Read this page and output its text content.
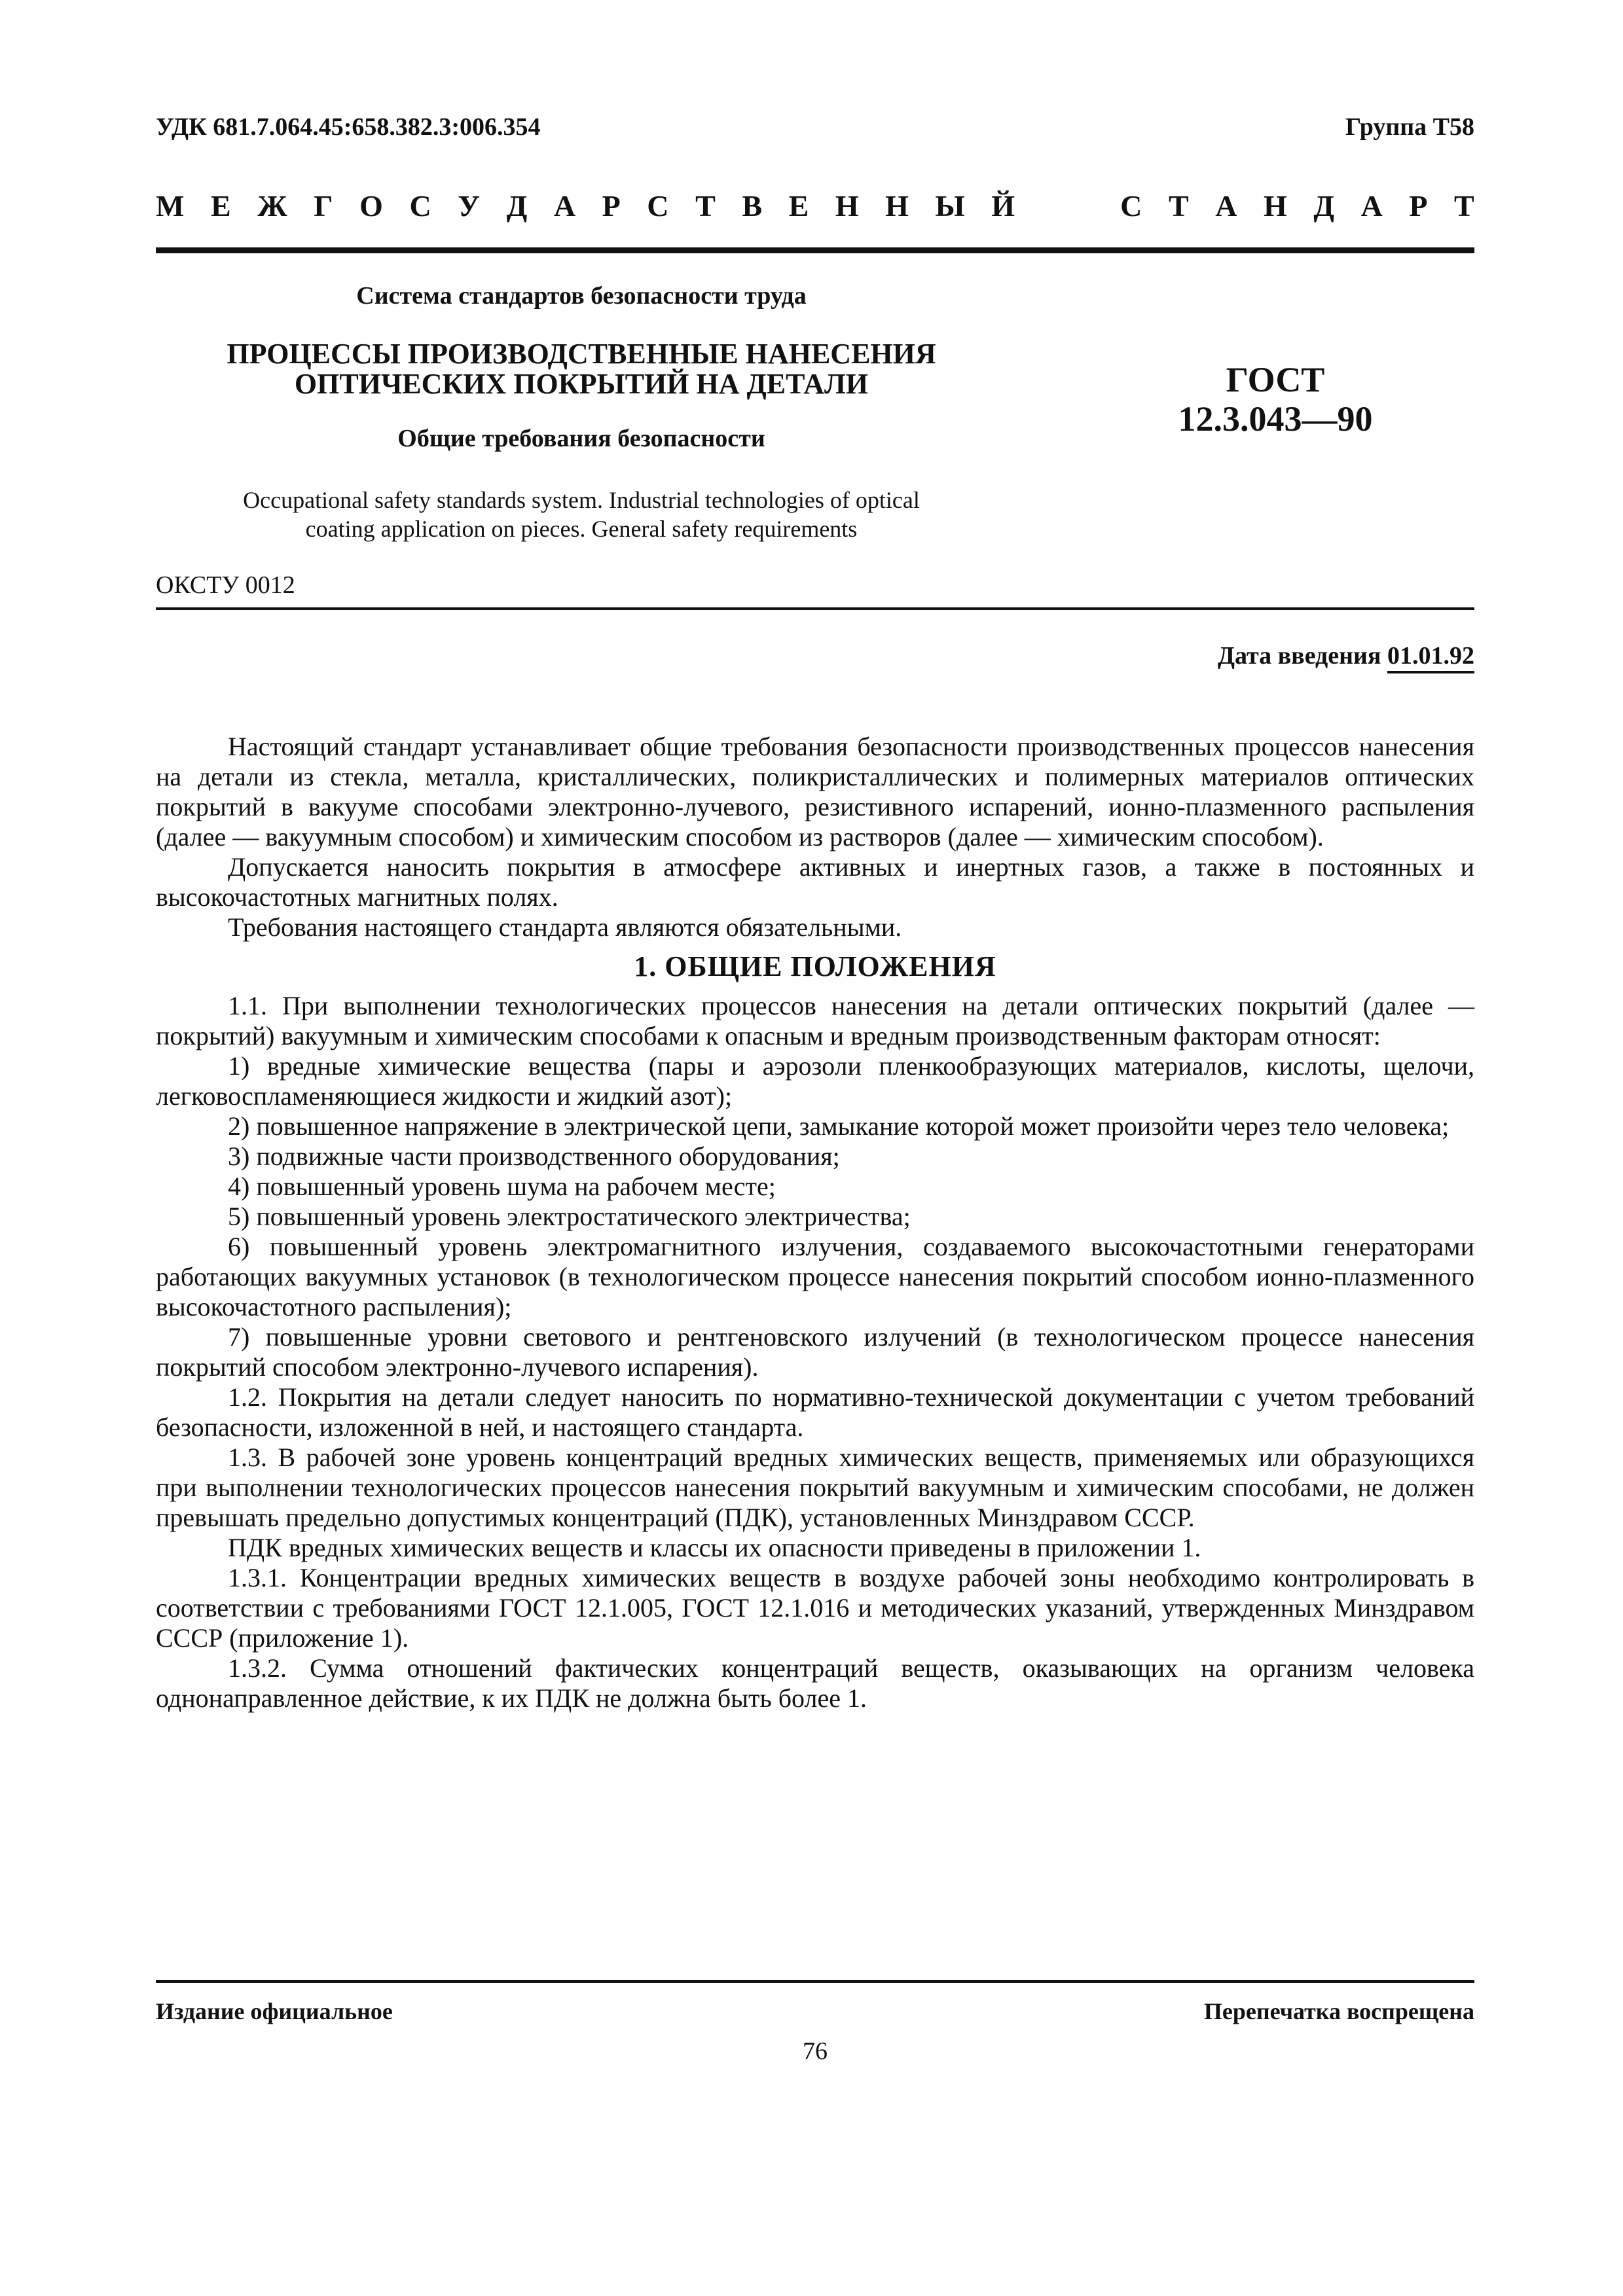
УДК 681.7.064.45:658.382.3:006.354	Группа Т58
М Е Ж Г О С У Д А Р С Т В Е Н Н Ы Й	С Т А Н Д А Р Т
Система стандартов безопасности труда
ПРОЦЕССЫ ПРОИЗВОДСТВЕННЫЕ НАНЕСЕНИЯ
ОПТИЧЕСКИХ ПОКРЫТИЙ НА ДЕТАЛИ
Общие требования безопасности
ГОСТ
12.3.043—90
Occupational safety standards system. Industrial technologies of optical
coating application on pieces. General safety requirements
ОКСТУ 0012
Дата введения 01.01.92

Настоящий стандарт устанавливает общие требования безопасности производственных процессов нанесения на детали из стекла, металла, кристаллических, поликристаллических и полимерных материалов оптических покрытий в вакууме способами электронно-лучевого, резистивного испарений, ионно-плазменного распыления (далее — вакуумным способом) и химическим способом из растворов (далее — химическим способом).

Допускается наносить покрытия в атмосфере активных и инертных газов, а также в постоянных и высокочастотных магнитных полях.

Требования настоящего стандарта являются обязательными.

1. ОБЩИЕ ПОЛОЖЕНИЯ

1.1. При выполнении технологических процессов нанесения на детали оптических покрытий (далее — покрытий) вакуумным и химическим способами к опасным и вредным производственным факторам относят:

1) вредные химические вещества (пары и аэрозоли пленкообразующих материалов, кислоты, щелочи, легковоспламеняющиеся жидкости и жидкий азот);

2) повышенное напряжение в электрической цепи, замыкание которой может произойти через тело человека;

3) подвижные части производственного оборудования;

4) повышенный уровень шума на рабочем месте;

5) повышенный уровень электростатического электричества;

6) повышенный уровень электромагнитного излучения, создаваемого высокочастотными генераторами работающих вакуумных установок (в технологическом процессе нанесения покрытий способом ионно-плазменного высокочастотного распыления);

7) повышенные уровни светового и рентгеновского излучений (в технологическом процессе нанесения покрытий способом электронно-лучевого испарения).

1.2. Покрытия на детали следует наносить по нормативно-технической документации с учетом требований безопасности, изложенной в ней, и настоящего стандарта.

1.3. В рабочей зоне уровень концентраций вредных химических веществ, применяемых или образующихся при выполнении технологических процессов нанесения покрытий вакуумным и химическим способами, не должен превышать предельно допустимых концентраций (ПДК), установленных Минздравом СССР.

ПДК вредных химических веществ и классы их опасности приведены в приложении 1.

1.3.1. Концентрации вредных химических веществ в воздухе рабочей зоны необходимо контролировать в соответствии с требованиями ГОСТ 12.1.005, ГОСТ 12.1.016 и методических указаний, утвержденных Минздравом СССР (приложение 1).

1.3.2. Сумма отношений фактических концентраций веществ, оказывающих на организм человека однонаправленное действие, к их ПДК не должна быть более 1.

Издание официальное	Перепечатка воспрещена
76
